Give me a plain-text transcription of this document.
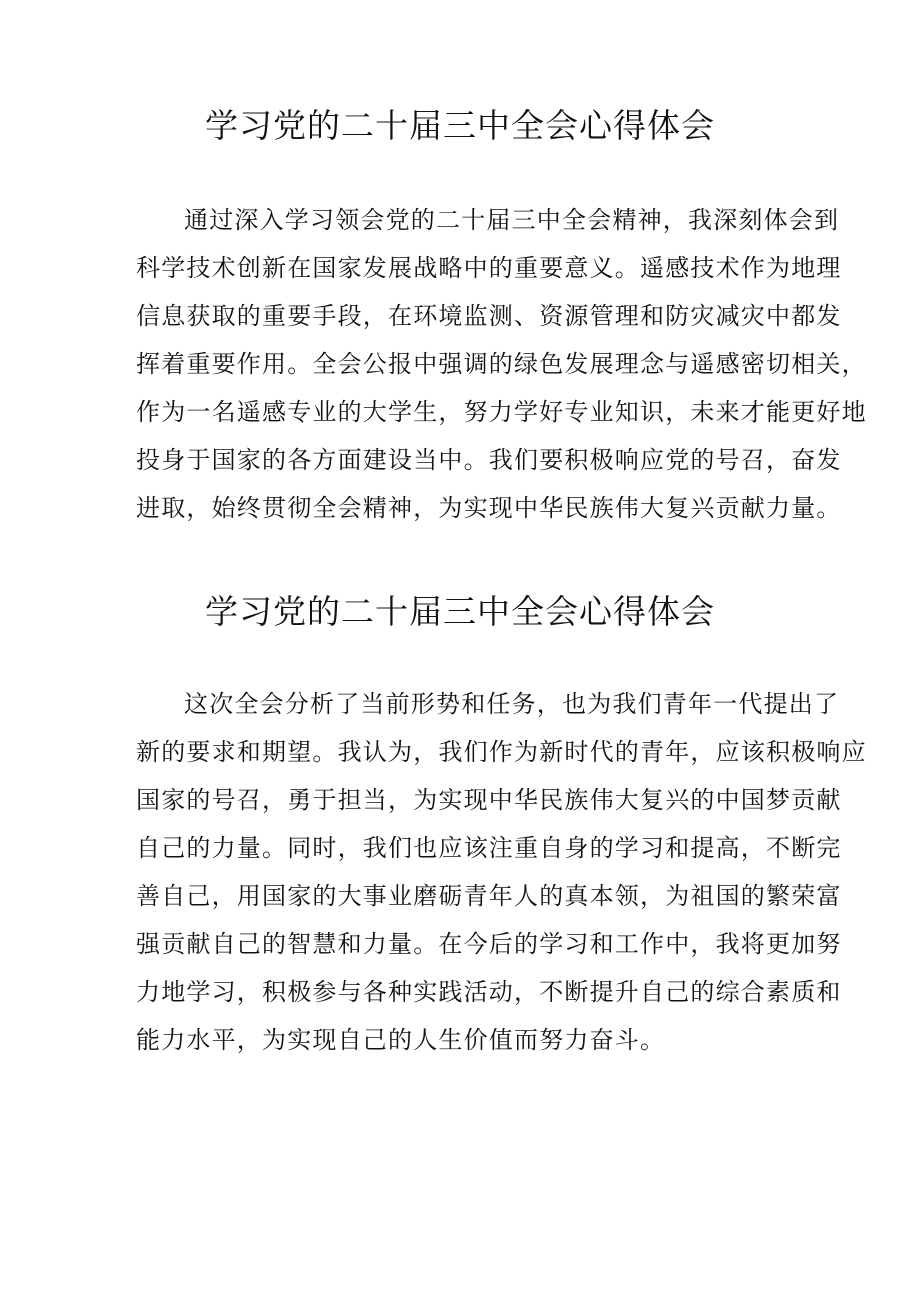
学习党的二十届三中全会心得体会
通过深入学习领会党的二十届三中全会精神，我深刻体会到
科学技术创新在国家发展战略中的重要意义。遥感技术作为地理
信息获取的重要手段，在环境监测、资源管理和防灾减灾中都发
挥着重要作用。全会公报中强调的绿色发展理念与遥感密切相关，
作为一名遥感专业的大学生，努力学好专业知识，未来才能更好地
投身于国家的各方面建设当中。我们要积极响应党的号召，奋发
进取，始终贯彻全会精神，为实现中华民族伟大复兴贡献力量。
学习党的二十届三中全会心得体会
这次全会分析了当前形势和任务，也为我们青年一代提出了
新的要求和期望。我认为，我们作为新时代的青年，应该积极响应
国家的号召，勇于担当，为实现中华民族伟大复兴的中国梦贡献
自己的力量。同时，我们也应该注重自身的学习和提高，不断完
善自己，用国家的大事业磨砺青年人的真本领，为祖国的繁荣富
强贡献自己的智慧和力量。在今后的学习和工作中，我将更加努
力地学习，积极参与各种实践活动，不断提升自己的综合素质和
能力水平，为实现自己的人生价值而努力奋斗。
